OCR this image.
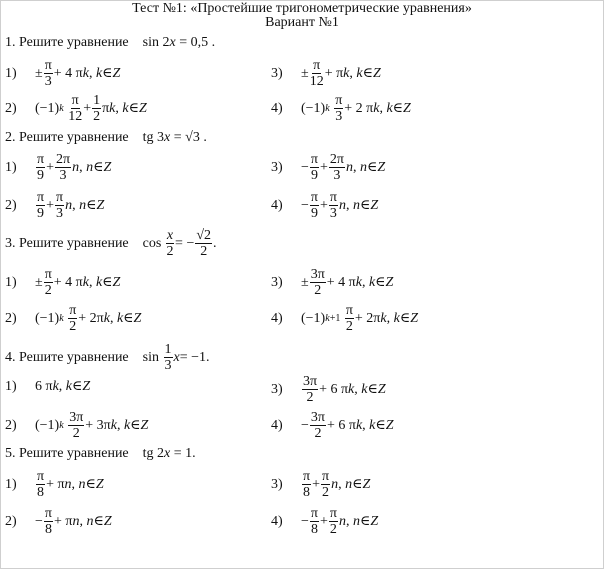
Тест №1: «Простейшие тригонометрические уравнения»
Вариант №1
1. Решите уравнение sin 2x = 0,5 .
1)	± π
3
+ 4 π k , k ∈ Z	3)	± π
12
+ π k , k ∈ Z
2)	(−1) k
π
12
+ 1
2
π k , k ∈ Z	4)	(−1) k
π
3
+ 2 π k , k ∈ Z
2. Решите уравнение tg 3x = √3 .
1)	π
9
+ 2π
3
n , n ∈ Z	3)	− π
9
+ 2π
3
n , n ∈ Z
2)	π
9
+ π
3
n , n ∈ Z	4)	− π
9
+ π
3
n , n ∈ Z
3. Решите уравнение cos x
2
= − √2
2
.
1)	± π
2
+ 4 π k , k ∈ Z	3)	± 3π
2
+ 4 π k , k ∈ Z
2)	(−1) k
π
2
+ 2π k , k ∈ Z	4)	(−1) k+1
π
2
+ 2π k , k ∈ Z
4. Решите уравнение sin 1
3
x = −1.
1)	6 π k , k ∈ Z	3)	3π
2
+ 6 π k , k ∈ Z
2)	(−1) k
3π
2
+ 3π k , k ∈ Z	4)	− 3π
2
+ 6 π k , k ∈ Z
5. Решите уравнение tg 2x = 1.
1)	π
8
+ π n , n ∈ Z	3)	π
8
+ π
2
n , n ∈ Z
2)	− π
8
+ π n , n ∈ Z	4)	− π
8
+ π
2
n , n ∈ Z
